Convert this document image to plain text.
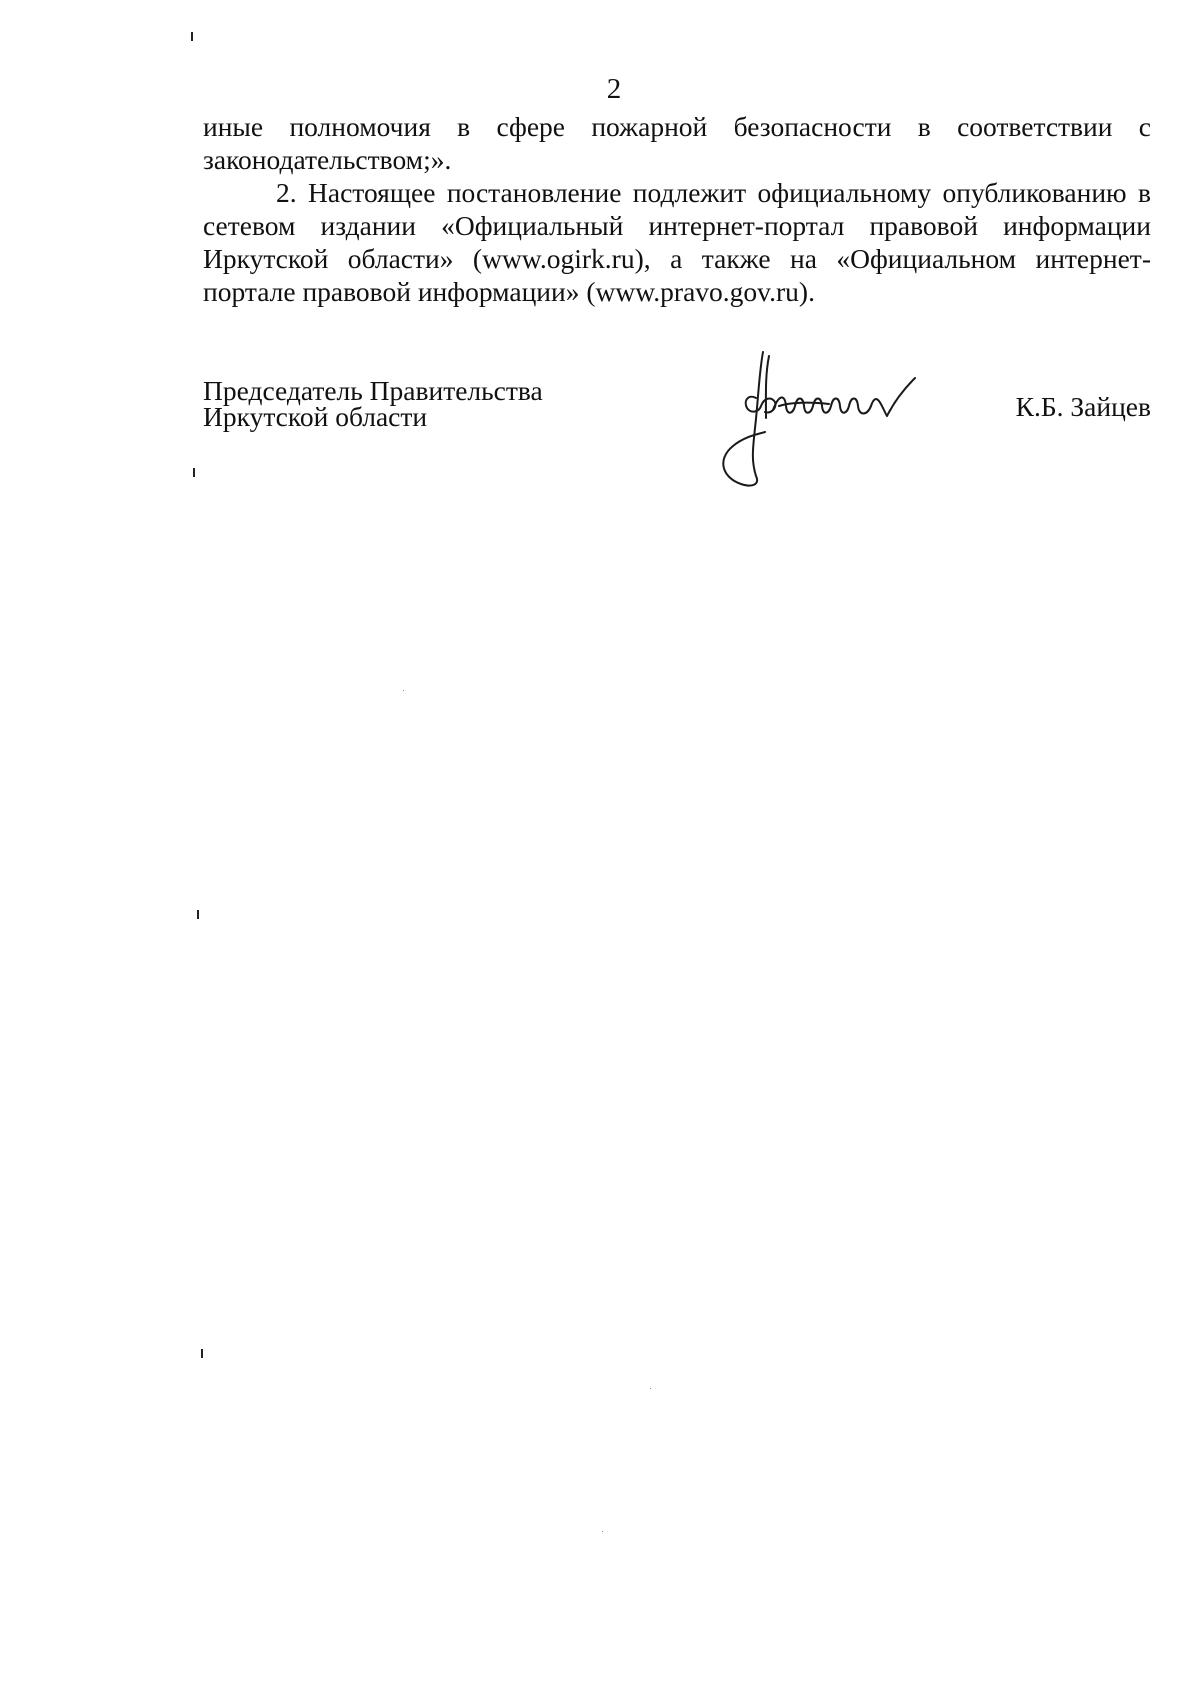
2

иные полномочия в сфере пожарной безопасности в соответствии с законодательством;».

2. Настоящее постановление подлежит официальному опубликованию в сетевом издании «Официальный интернет-портал правовой информации Иркутской области» (www.ogirk.ru), а также на «Официальном интернет-портале правовой информации» (www.pravo.gov.ru).

Председатель Правительства
Иркутской области	К.Б. Зайцев
